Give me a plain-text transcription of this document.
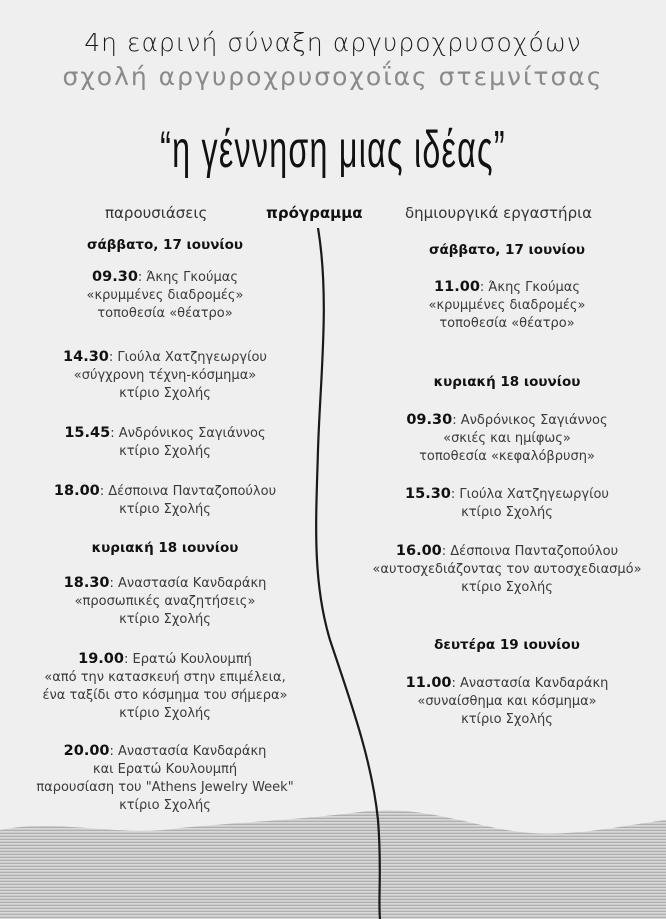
4η εαρινή σύναξη αργυροχρυσοχόων
σχολή αργυροχρυσοχοΐας στεμνίτσας
“η γέννηση μιας ιδέας”
παρουσιάσεις	πρόγραμμα	δημιουργικά εργαστήρια
σάββατο, 17 ιουνίου
09.30: Άκης Γκούμας
«κρυμμένες διαδρομές»
τοποθεσία «θέατρο»
14.30: Γιούλα Χατζηγεωργίου
«σύγχρονη τέχνη-κόσμημα»
κτίριο Σχολής
15.45: Ανδρόνικος Σαγιάννος
κτίριο Σχολής
18.00: Δέσποινα Πανταζοπούλου
κτίριο Σχολής
κυριακή 18 ιουνίου
18.30: Αναστασία Κανδαράκη
«προσωπικές αναζητήσεις»
κτίριο Σχολής
19.00: Ερατώ Κουλουμπή
«από την κατασκευή στην επιμέλεια,
ένα ταξίδι στο κόσμημα του σήμερα»
κτίριο Σχολής
20.00: Αναστασία Κανδαράκη
και Ερατώ Κουλουμπή
παρουσίαση του "Athens Jewelry Week"
κτίριο Σχολής
σάββατο, 17 ιουνίου
11.00: Άκης Γκούμας
«κρυμμένες διαδρομές»
τοποθεσία «θέατρο»
κυριακή 18 ιουνίου
09.30: Ανδρόνικος Σαγιάννος
«σκιές και ημίφως»
τοποθεσία «κεφαλόβρυση»
15.30: Γιούλα Χατζηγεωργίου
κτίριο Σχολής
16.00: Δέσποινα Πανταζοπούλου
«αυτοσχεδιάζοντας τον αυτοσχεδιασμό»
κτίριο Σχολής
δευτέρα 19 ιουνίου
11.00: Αναστασία Κανδαράκη
«συναίσθημα και κόσμημα»
κτίριο Σχολής
